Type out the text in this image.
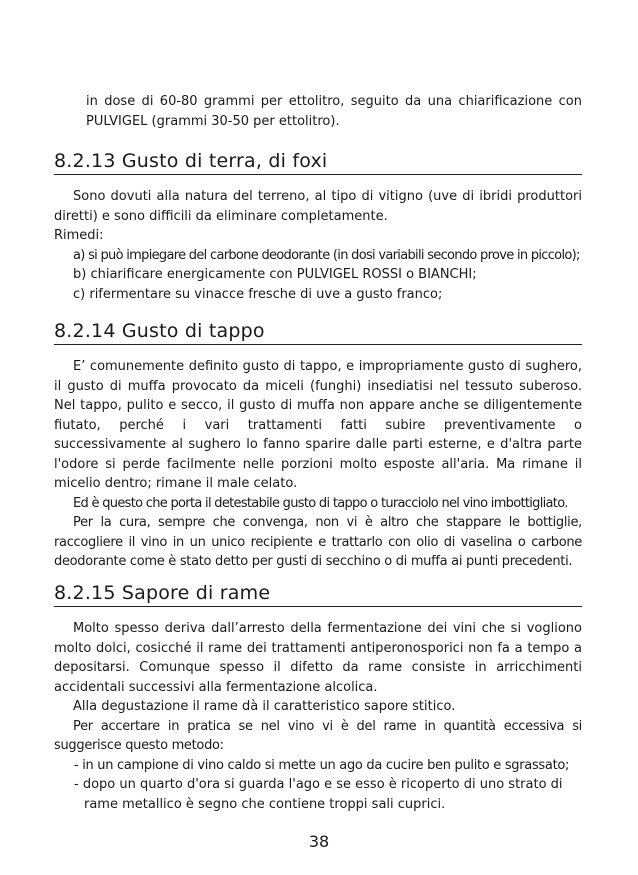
in dose di 60-80 grammi per ettolitro, seguito da una chiarificazione con PULVIGEL (grammi 30-50 per ettolitro).

8.2.13 Gusto di terra, di foxi

Sono dovuti alla natura del terreno, al tipo di vitigno (uve di ibridi produttori diretti) e sono difficili da eliminare completamente.

Rimedi:

a) si può impiegare del carbone deodorante (in dosi variabili secondo prove in piccolo);
b) chiarificare energicamente con PULVIGEL ROSSI o BIANCHI;
c) rifermentare su vinacce fresche di uve a gusto franco;
8.2.14 Gusto di tappo

E’ comunemente definito gusto di tappo, e impropriamente gusto di sughero, il gusto di muffa provocato da miceli (funghi) insediatisi nel tessuto suberoso. Nel tappo, pulito e secco, il gusto di muffa non appare anche se diligentemente fiutato, perché i vari trattamenti fatti subire preventivamente o successivamente al sughero lo fanno sparire dalle parti esterne, e d'altra parte l'odore si perde facilmente nelle porzioni molto esposte all'aria. Ma rimane il micelio dentro; rimane il male celato.

Ed è questo che porta il detestabile gusto di tappo o turacciolo nel vino imbottigliato.

Per la cura, sempre che convenga, non vi è altro che stappare le bottiglie, raccogliere il vino in un unico recipiente e trattarlo con olio di vaselina o carbone deodorante come è stato detto per gusti di secchino o di muffa ai punti precedenti.

8.2.15 Sapore di rame

Molto spesso deriva dall’arresto della fermentazione dei vini che si vogliono molto dolci, cosicché il rame dei trattamenti antiperonosporici non fa a tempo a depositarsi. Comunque spesso il difetto da rame consiste in arricchimenti accidentali successivi alla fermentazione alcolica.

Alla degustazione il rame dà il caratteristico sapore stitico.

Per accertare in pratica se nel vino vi è del rame in quantità eccessiva si suggerisce questo metodo:

- in un campione di vino caldo si mette un ago da cucire ben pulito e sgrassato;
- dopo un quarto d'ora si guarda l'ago e se esso è ricoperto di uno strato di rame metallico è segno che contiene troppi sali cuprici.
38
